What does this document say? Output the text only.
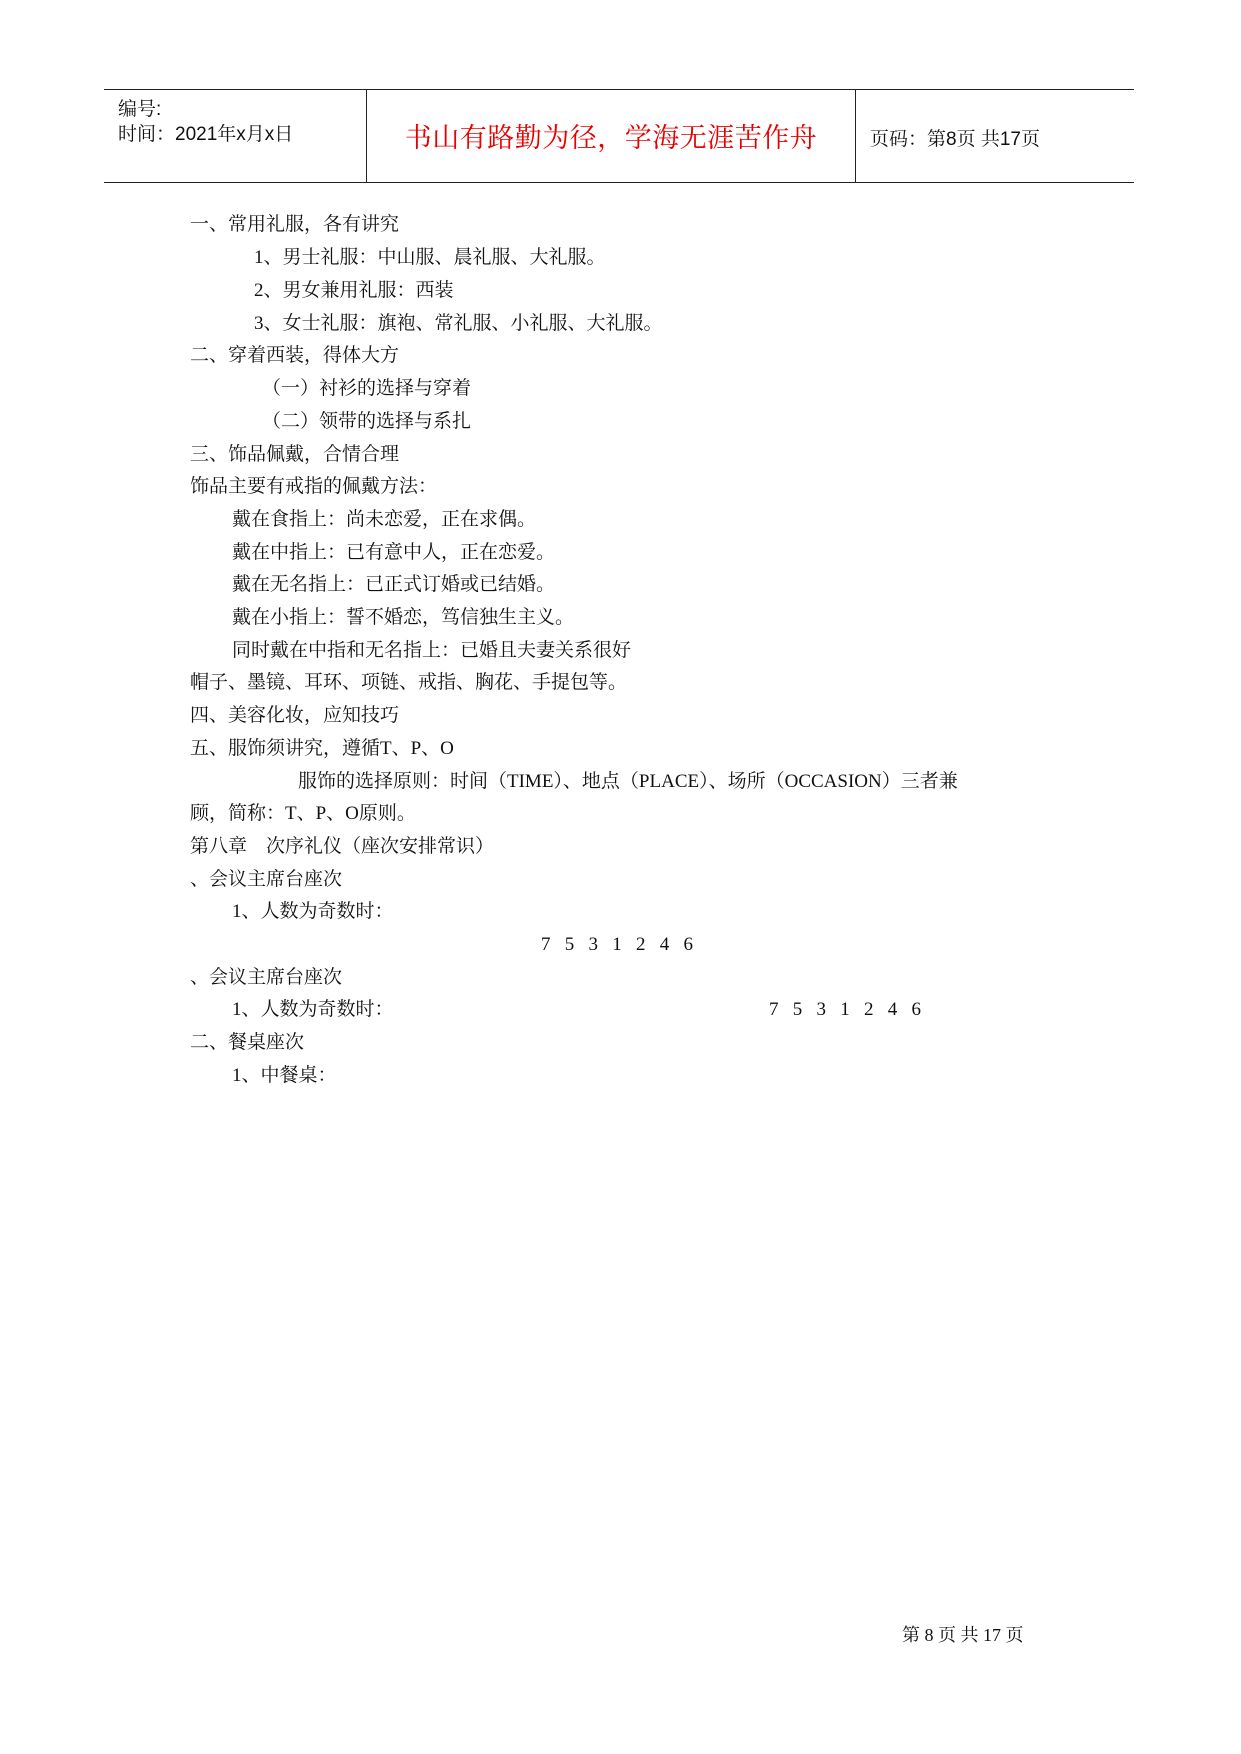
编号:
时间：2021年x月x日	书山有路勤为径，学海无涯苦作舟	页码：第8页 共17页
一、常用礼服，各有讲究
1、男士礼服：中山服、晨礼服、大礼服。
2、男女兼用礼服：西装
3、女士礼服：旗袍、常礼服、小礼服、大礼服。
二、穿着西装，得体大方
（一）衬衫的选择与穿着
（二）领带的选择与系扎
三、饰品佩戴，合情合理
饰品主要有戒指的佩戴方法：
戴在食指上：尚未恋爱，正在求偶。
戴在中指上：已有意中人，正在恋爱。
戴在无名指上：已正式订婚或已结婚。
戴在小指上：誓不婚恋，笃信独生主义。
同时戴在中指和无名指上：已婚且夫妻关系很好
帽子、墨镜、耳环、项链、戒指、胸花、手提包等。
四、美容化妆，应知技巧
五、服饰须讲究，遵循T、P、O
服饰的选择原则：时间（TIME）、地点（PLACE）、场所（OCCASION）三者兼
顾，简称：T、P、O原则。
第八章　次序礼仪（座次安排常识）
、会议主席台座次
1、人数为奇数时：
7   5   3   1   2   4   6
、会议主席台座次
1、人数为奇数时：	7   5   3   1   2   4   6
二、餐桌座次
1、中餐桌：
第 8 页 共 17 页
